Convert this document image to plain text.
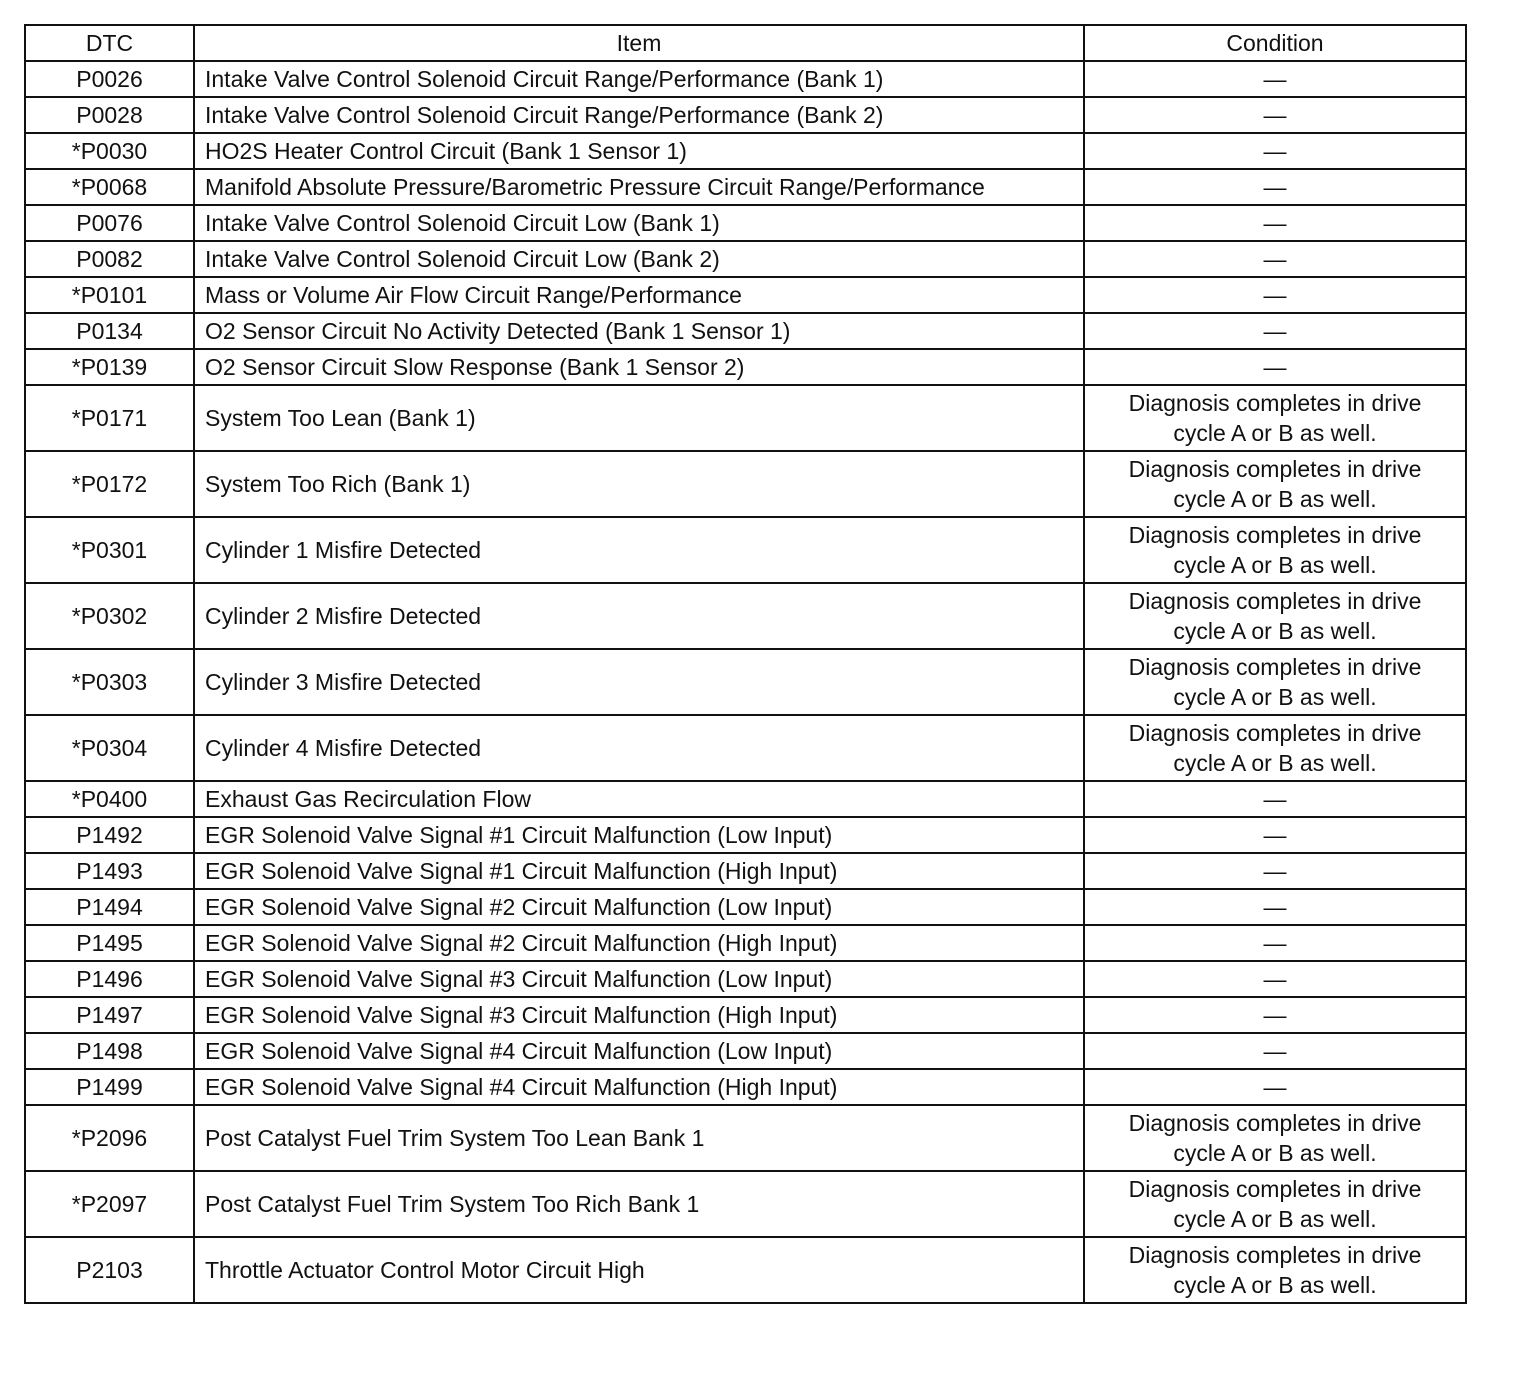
DTC	Item	Condition
P0026	Intake Valve Control Solenoid Circuit Range/Performance (Bank 1)	—
P0028	Intake Valve Control Solenoid Circuit Range/Performance (Bank 2)	—
*P0030	HO2S Heater Control Circuit (Bank 1 Sensor 1)	—
*P0068	Manifold Absolute Pressure/Barometric Pressure Circuit Range/Performance	—
P0076	Intake Valve Control Solenoid Circuit Low (Bank 1)	—
P0082	Intake Valve Control Solenoid Circuit Low (Bank 2)	—
*P0101	Mass or Volume Air Flow Circuit Range/Performance	—
P0134	O2 Sensor Circuit No Activity Detected (Bank 1 Sensor 1)	—
*P0139	O2 Sensor Circuit Slow Response (Bank 1 Sensor 2)	—
*P0171	System Too Lean (Bank 1)	Diagnosis completes in drive cycle A or B as well.
*P0172	System Too Rich (Bank 1)	Diagnosis completes in drive cycle A or B as well.
*P0301	Cylinder 1 Misfire Detected	Diagnosis completes in drive cycle A or B as well.
*P0302	Cylinder 2 Misfire Detected	Diagnosis completes in drive cycle A or B as well.
*P0303	Cylinder 3 Misfire Detected	Diagnosis completes in drive cycle A or B as well.
*P0304	Cylinder 4 Misfire Detected	Diagnosis completes in drive cycle A or B as well.
*P0400	Exhaust Gas Recirculation Flow	—
P1492	EGR Solenoid Valve Signal #1 Circuit Malfunction (Low Input)	—
P1493	EGR Solenoid Valve Signal #1 Circuit Malfunction (High Input)	—
P1494	EGR Solenoid Valve Signal #2 Circuit Malfunction (Low Input)	—
P1495	EGR Solenoid Valve Signal #2 Circuit Malfunction (High Input)	—
P1496	EGR Solenoid Valve Signal #3 Circuit Malfunction (Low Input)	—
P1497	EGR Solenoid Valve Signal #3 Circuit Malfunction (High Input)	—
P1498	EGR Solenoid Valve Signal #4 Circuit Malfunction (Low Input)	—
P1499	EGR Solenoid Valve Signal #4 Circuit Malfunction (High Input)	—
*P2096	Post Catalyst Fuel Trim System Too Lean Bank 1	Diagnosis completes in drive cycle A or B as well.
*P2097	Post Catalyst Fuel Trim System Too Rich Bank 1	Diagnosis completes in drive cycle A or B as well.
P2103	Throttle Actuator Control Motor Circuit High	Diagnosis completes in drive cycle A or B as well.
